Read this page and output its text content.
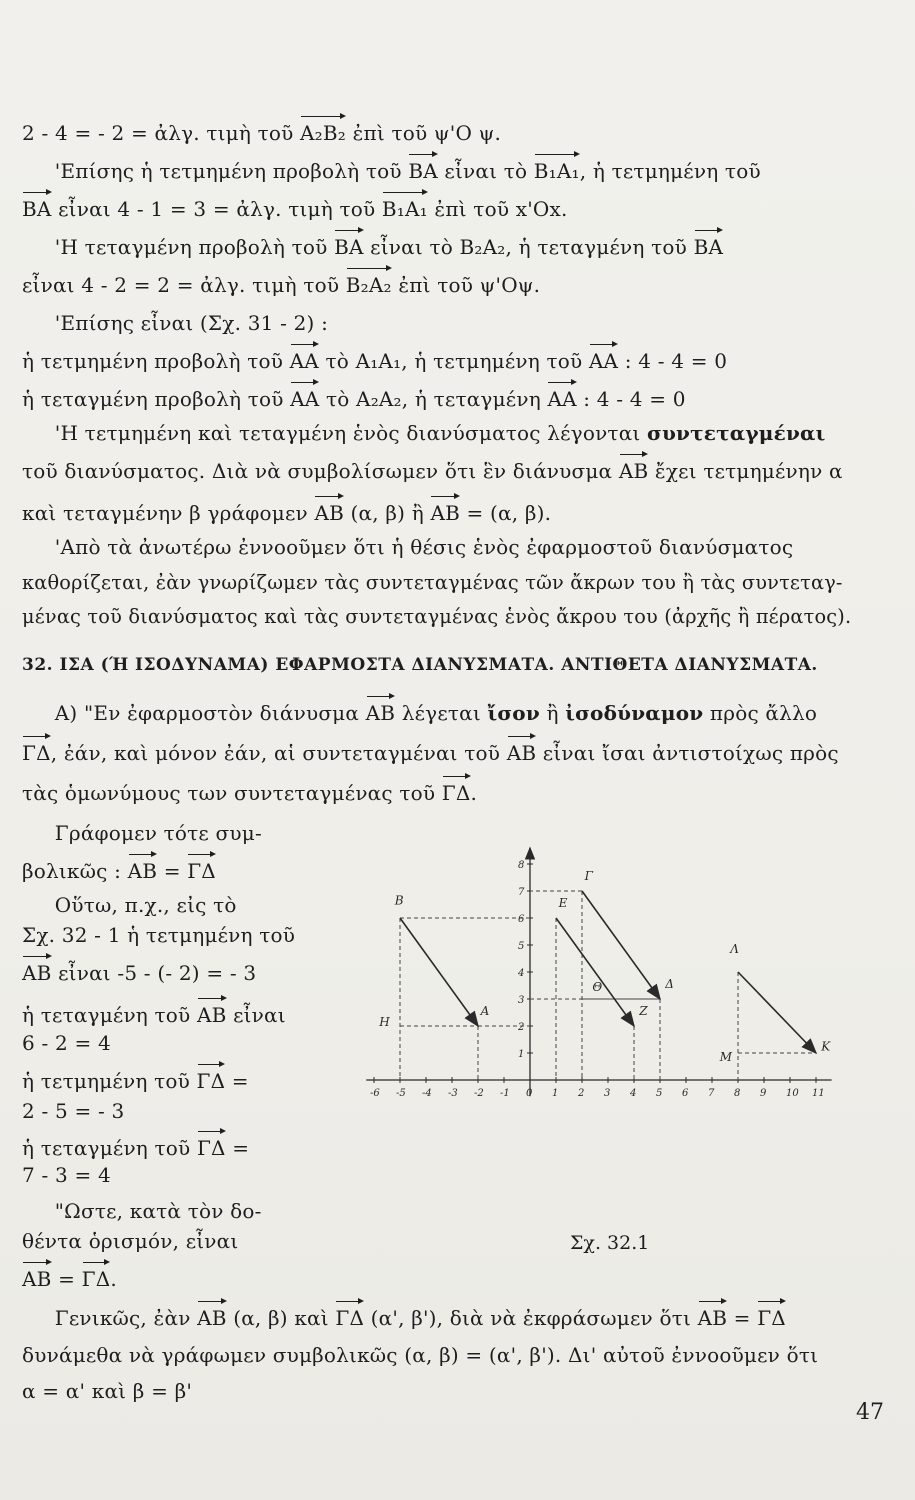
2 - 4 = - 2 = ἀλγ. τιμὴ τοῦ A₂B₂ ἐπὶ τοῦ ψ'Ο ψ.
'Επίσης ἡ τετμημένη προβολὴ τοῦ BA εἶναι τὸ B₁A₁, ἡ τετμημένη τοῦ
BA εἶναι 4 - 1 = 3 = ἀλγ. τιμὴ τοῦ B₁A₁ ἐπὶ τοῦ x'Ox.
'Η τεταγμένη προβολὴ τοῦ BA εἶναι τὸ B₂A₂, ἡ τεταγμένη τοῦ BA
εἶναι 4 - 2 = 2 = ἀλγ. τιμὴ τοῦ B₂A₂ ἐπὶ τοῦ ψ'Οψ.
'Επίσης εἶναι (Σχ. 31 - 2) :
ἡ τετμημένη προβολὴ τοῦ AA τὸ A₁A₁, ἡ τετμημένη τοῦ AA : 4 - 4 = 0
ἡ τεταγμένη προβολὴ τοῦ AA τὸ A₂A₂, ἡ τεταγμένη AA : 4 - 4 = 0
'Η τετμημένη καὶ τεταγμένη ἑνὸς διανύσματος λέγονται συντεταγμέναι
τοῦ διανύσματος. Διὰ νὰ συμβολίσωμεν ὅτι ἓν διάνυσμα AB ἔχει τετμημένην α
καὶ τεταγμένην β γράφομεν AB (α, β) ἢ AB = (α, β).
'Απὸ τὰ ἀνωτέρω ἐννοοῦμεν ὅτι ἡ θέσις ἑνὸς ἐφαρμοστοῦ διανύσματος
καθορίζεται, ἐὰν γνωρίζωμεν τὰς συντεταγμένας τῶν ἄκρων του ἢ τὰς συντεταγ-
μένας τοῦ διανύσματος καὶ τὰς συντεταγμένας ἑνὸς ἄκρου του (ἀρχῆς ἢ πέρατος).
32. ΙΣΑ (Ή ΙΣΟΔΥΝΑΜΑ) ΕΦΑΡΜΟΣΤΑ ΔΙΑΝΥΣΜΑΤΑ. ΑΝΤΙΘΕΤΑ ΔΙΑΝΥΣΜΑΤΑ.
A) "Εν ἐφαρμοστὸν διάνυσμα AB λέγεται ἴσον ἢ ἰσοδύναμον πρὸς ἄλλο
ΓΔ, ἐάν, καὶ μόνον ἐάν, αἱ συντεταγμέναι τοῦ AB εἶναι ἴσαι ἀντιστοίχως πρὸς
τὰς ὁμωνύμους των συντεταγμένας τοῦ ΓΔ.
Γράφομεν τότε συμ-
βολικῶς : AB = ΓΔ
Οὕτω, π.χ., εἰς τὸ
Σχ. 32 - 1 ἡ τετμημένη τοῦ
AB εἶναι -5 - (- 2) = - 3
ἡ τεταγμένη τοῦ AB εἶναι
6 - 2 = 4
ἡ τετμημένη τοῦ ΓΔ =
2 - 5 = - 3
ἡ τεταγμένη τοῦ ΓΔ =
7 - 3 = 4
"Ωστε, κατὰ τὸν δο-
θέντα ὁρισμόν, εἶναι
AB = ΓΔ.
-6 -5 -4 -3 -2 -1 0 1 2 3 4 5 6 7 8 9 10 11
1
2
3
4
5
6
7
8
B
A
H
E
Θ
Z
Γ
Δ
Λ
M
K
Σχ. 32.1
Γενικῶς, ἐὰν AB (α, β) καὶ ΓΔ (α', β'), διὰ νὰ ἐκφράσωμεν ὅτι AB = ΓΔ
δυνάμεθα νὰ γράφωμεν συμβολικῶς (α, β) = (α', β'). Δι' αὐτοῦ ἐννοοῦμεν ὅτι
α = α' καὶ β = β'
47
